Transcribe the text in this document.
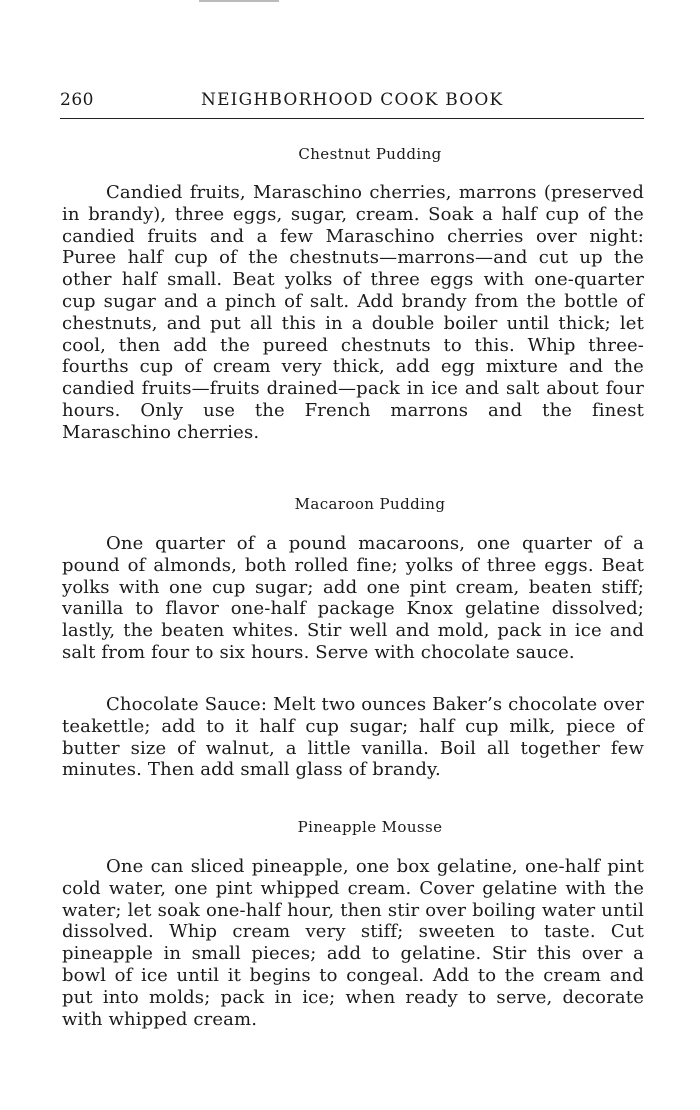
260	NEIGHBORHOOD COOK BOOK
Chestnut Pudding

Candied fruits, Maraschino cherries, marrons (preserved in brandy), three eggs, sugar, cream. Soak a half cup of the candied fruits and a few Maraschino cherries over night: Puree half cup of the chestnuts—marrons—and cut up the other half small. Beat yolks of three eggs with one-quarter cup sugar and a pinch of salt. Add brandy from the bottle of chestnuts, and put all this in a double boiler until thick; let cool, then add the pureed chestnuts to this. Whip three-fourths cup of cream very thick, add egg mixture and the candied fruits—fruits drained—pack in ice and salt about four hours. Only use the French marrons and the finest Maraschino cherries.

Macaroon Pudding

One quarter of a pound macaroons, one quarter of a pound of almonds, both rolled fine; yolks of three eggs. Beat yolks with one cup sugar; add one pint cream, beaten stiff; vanilla to flavor one-half package Knox gelatine dissolved; lastly, the beaten whites. Stir well and mold, pack in ice and salt from four to six hours. Serve with chocolate sauce.

Chocolate Sauce: Melt two ounces Baker’s chocolate over teakettle; add to it half cup sugar; half cup milk, piece of butter size of walnut, a little vanilla. Boil all together few minutes. Then add small glass of brandy.

Pineapple Mousse

One can sliced pineapple, one box gelatine, one-half pint cold water, one pint whipped cream. Cover gelatine with the water; let soak one-half hour, then stir over boiling water until dissolved. Whip cream very stiff; sweeten to taste. Cut pineapple in small pieces; add to gelatine. Stir this over a bowl of ice until it begins to congeal. Add to the cream and put into molds; pack in ice; when ready to serve, decorate with whipped cream.
